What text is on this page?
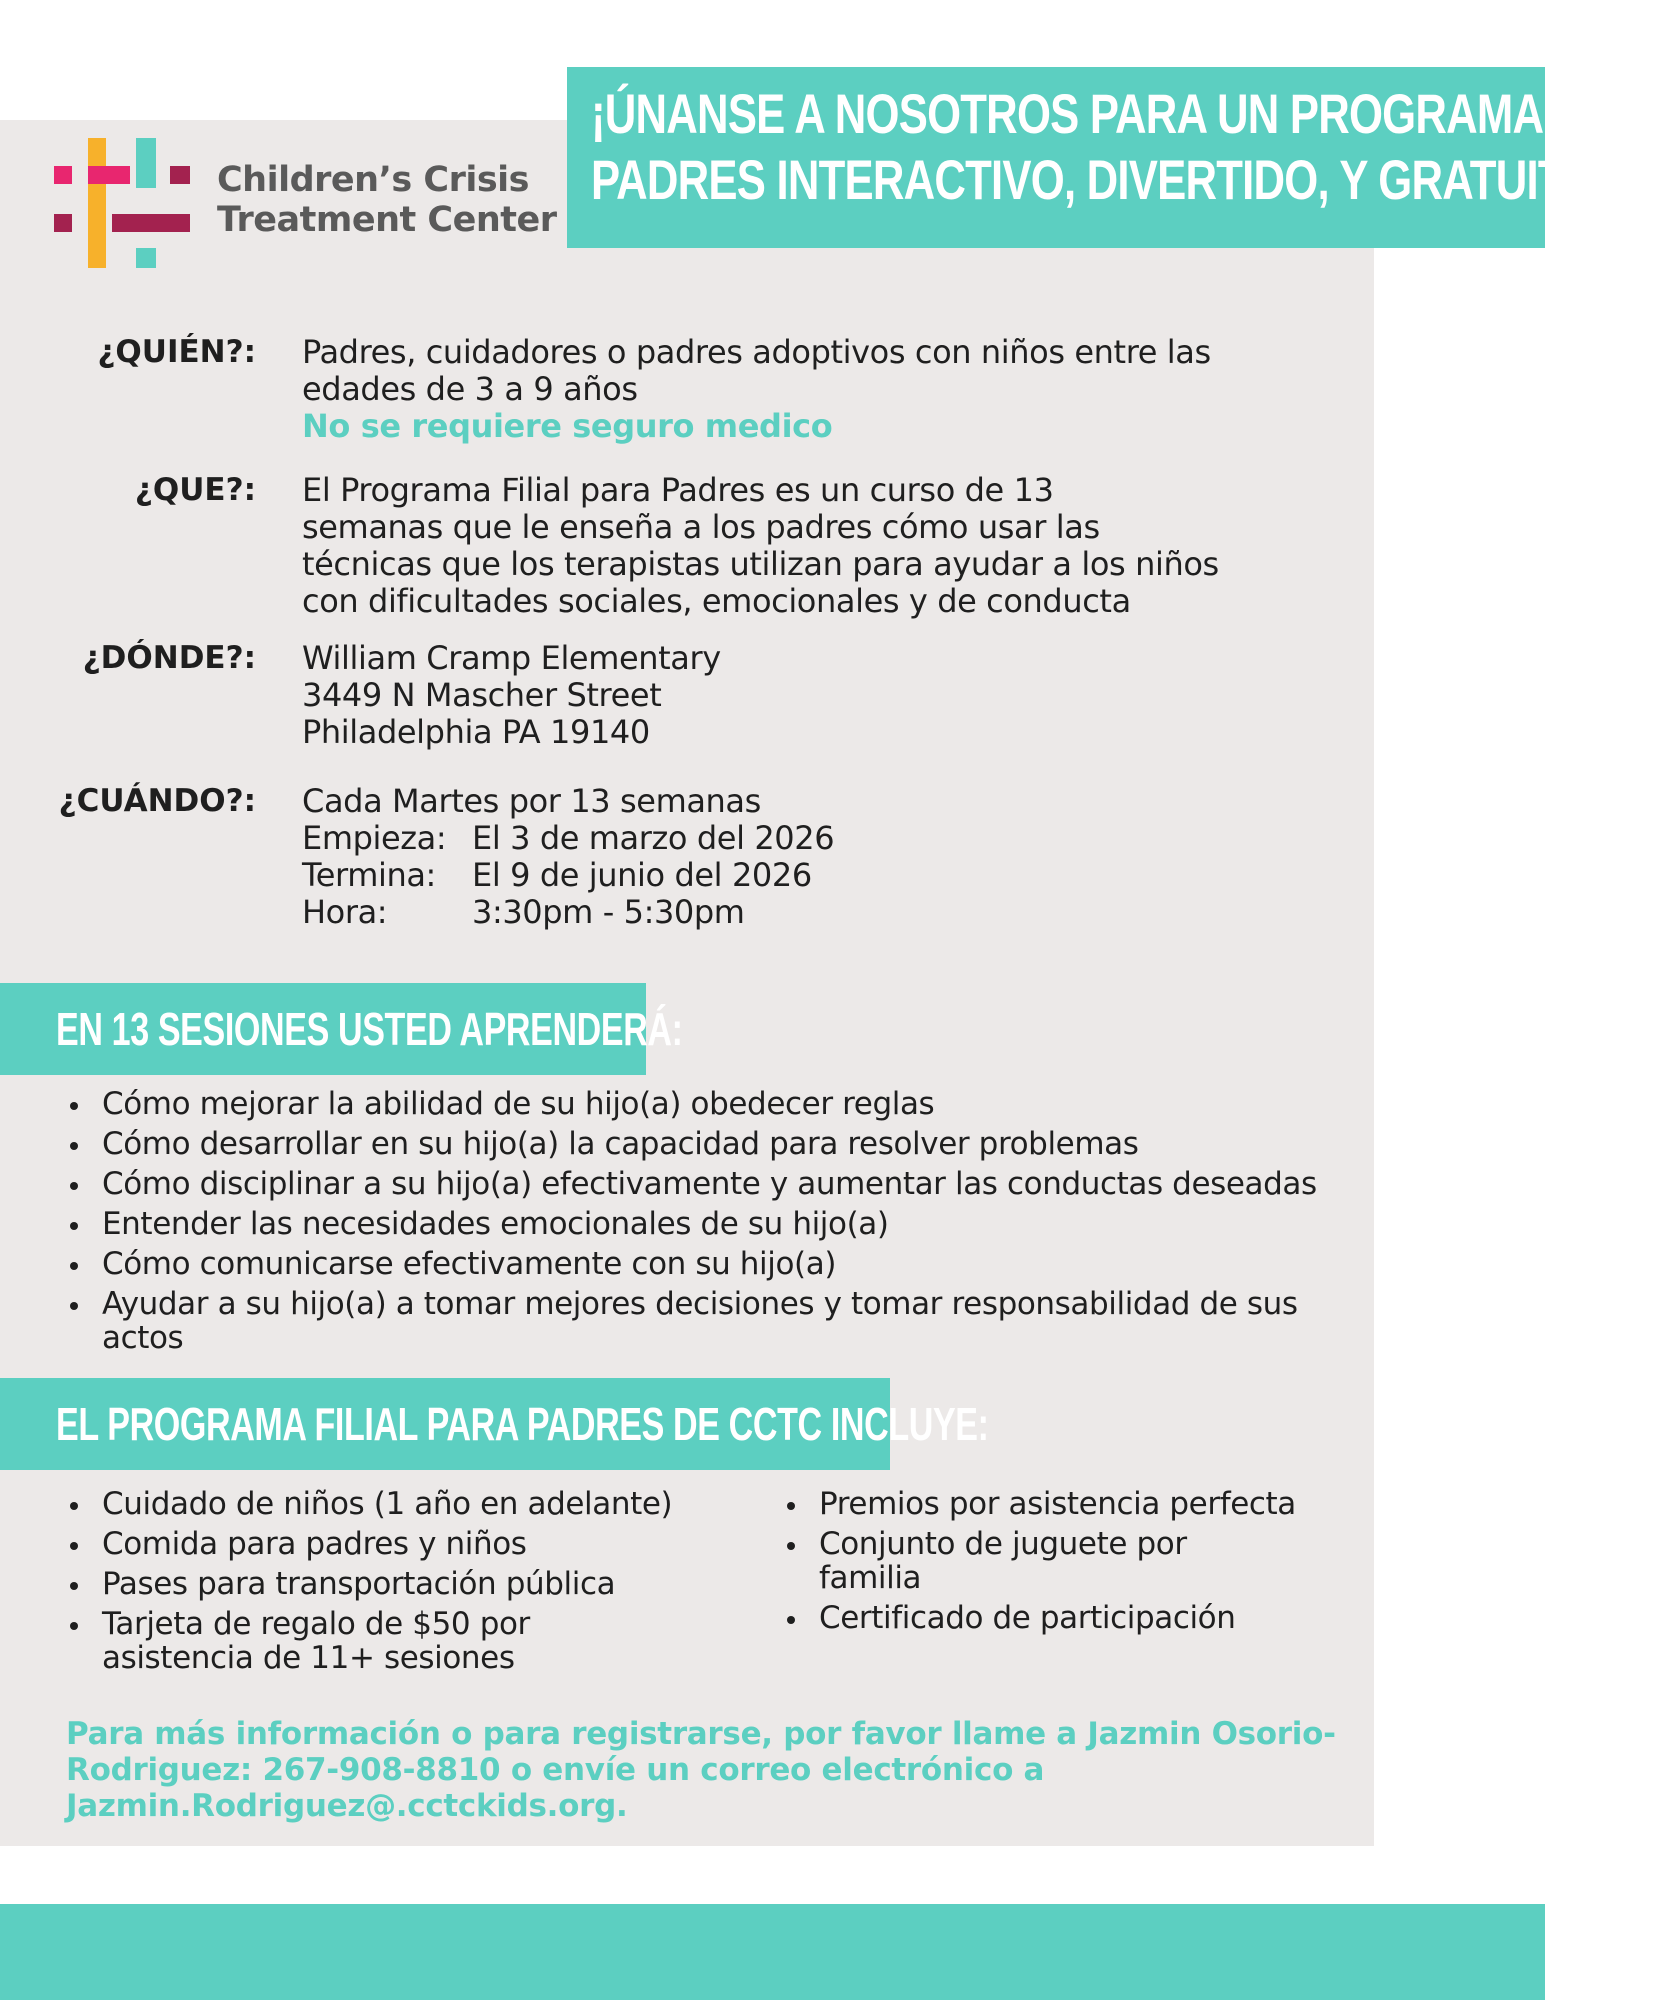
¡ÚNANSE A NOSOTROS PARA UN PROGRAMA PARA
PADRES INTERACTIVO, DIVERTIDO, Y GRATUITO!
Children’s Crisis
Treatment Center
¿QUIÉN?: Padres, cuidadores o padres adoptivos con niños entre las
edades de 3 a 9 años
No se requiere seguro medico
¿QUE?: El Programa Filial para Padres es un curso de 13
semanas que le enseña a los padres cómo usar las
técnicas que los terapistas utilizan para ayudar a los niños
con dificultades sociales, emocionales y de conducta
¿DÓNDE?: William Cramp Elementary
3449 N Mascher Street
Philadelphia PA 19140
¿CUÁNDO?: Cada Martes por 13 semanas
Empieza: El 3 de marzo del 2026
Termina:	El 9 de junio del 2026
Hora:	3:30pm - 5:30pm
EN 13 SESIONES USTED APRENDERÁ:
Cómo mejorar la abilidad de su hijo(a) obedecer reglas
Cómo desarrollar en su hijo(a) la capacidad para resolver problemas
Cómo disciplinar a su hijo(a) efectivamente y aumentar las conductas deseadas
Entender las necesidades emocionales de su hijo(a)
Cómo comunicarse efectivamente con su hijo(a)
Ayudar a su hijo(a) a tomar mejores decisiones y tomar responsabilidad de sus actos
EL PROGRAMA FILIAL PARA PADRES DE CCTC INCLUYE:
Cuidado de niños (1 año en adelante)
Comida para padres y niños
Pases para transportación pública
Tarjeta de regalo de $50 por asistencia de 11+ sesiones
Premios por asistencia perfecta
Conjunto de juguete por familia
Certificado de participación
Para más información o para registrarse, por favor llame a Jazmin Osorio-Rodriguez: 267-908-8810 o envíe un correo electrónico a Jazmin.Rodriguez@.cctckids.org.
